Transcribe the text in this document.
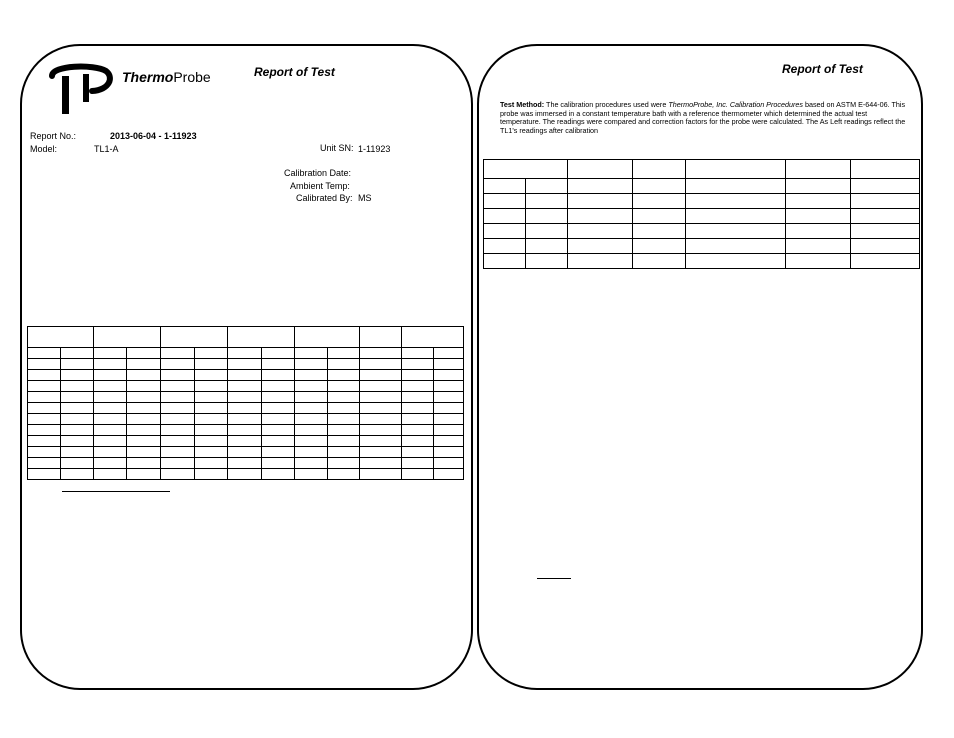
ThermoProbe	Report of Test
Report No.:	2013-06-04 - 1-11923
Model:	TL1-A	Unit SN: 1-11923
Calibration Date:
Ambient Temp:
Calibrated By: MS

Report of Test
Test Method: The calibration procedures used were ThermoProbe, Inc. Calibration Procedures based on ASTM E-644-06. This probe was immersed in a constant temperature bath with a reference thermometer which determined the actual test temperature. The readings were compared and correction factors for the probe were calculated. The As Left readings reflect the TL1's readings after calibration
